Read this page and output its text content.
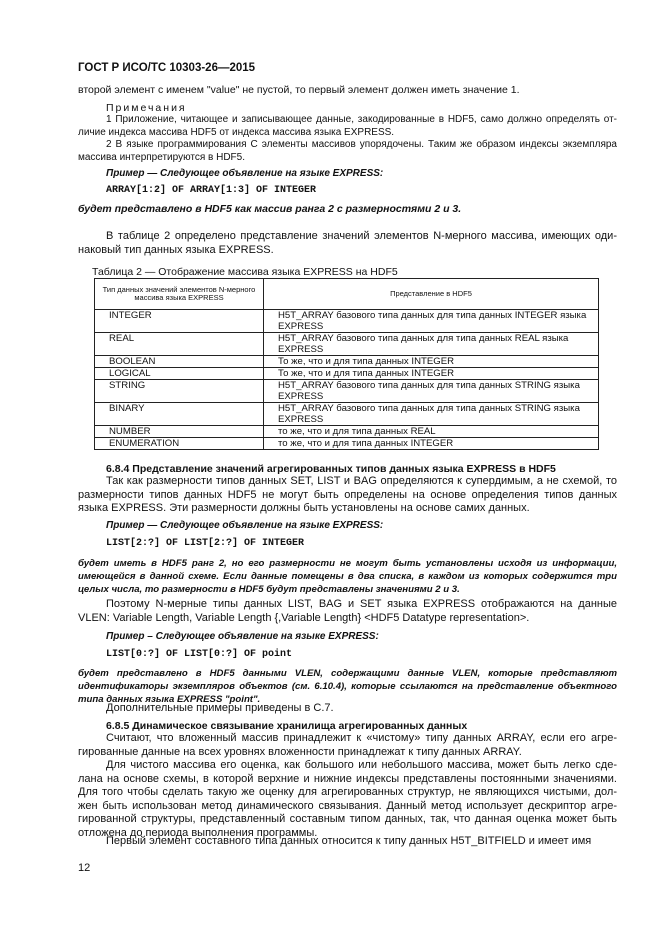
ГОСТ Р ИСО/ТС 10303-26—2015
второй элемент с именем "value" не пустой, то первый элемент должен иметь значение 1.
Примечания
1 Приложение, читающее и записывающее данные, закодированные в HDF5, само должно определять отличие индекса массива HDF5 от индекса массива языка EXPRESS.
2 В языке программирования С элементы массивов упорядочены. Таким же образом индексы экземпляра массива интерпретируются в HDF5.
Пример — Следующее объявление на языке EXPRESS:
ARRAY[1:2] OF ARRAY[1:3] OF INTEGER
будет представлено в HDF5 как массив ранга 2 с размерностями 2 и 3.
В таблице 2 определено представление значений элементов N-мерного массива, имеющих одинаковый тип данных языка EXPRESS.
Таблица 2 — Отображение массива языка EXPRESS на HDF5
Тип данных значений элементов N-мерного массива языка EXPRESS	Представление в HDF5
INTEGER	H5T_ARRAY базового типа данных для типа данных INTEGER языка EXPRESS
REAL	H5T_ARRAY базового типа данных для типа данных REAL языка EXPRESS
BOOLEAN	То же, что и для типа данных INTEGER
LOGICAL	То же, что и для типа данных INTEGER
STRING	H5T_ARRAY базового типа данных для типа данных STRING языка EXPRESS
BINARY	H5T_ARRAY базового типа данных для типа данных STRING языка EXPRESS
NUMBER	то же, что и для типа данных REAL
ENUMERATION	то же, что и для типа данных INTEGER
6.8.4 Представление значений агрегированных типов данных языка EXPRESS в HDF5
Так как размерности типов данных SET, LIST и BAG определяются к супердимым, а не схемой, то размерности типов данных HDF5 не могут быть определены на основе определения типов данных языка EXPRESS. Эти размерности должны быть установлены на основе самих данных.
Пример — Следующее объявление на языке EXPRESS:
LIST[2:?] OF LIST[2:?] OF INTEGER
будет иметь в HDF5 ранг 2, но его размерности не могут быть установлены исходя из информации, имеющейся в данной схеме. Если данные помещены в два списка, в каждом из которых содержится три целых числа, то размерности в HDF5 будут представлены значениями 2 и 3.
Поэтому N-мерные типы данных LIST, BAG и SET языка EXPRESS отображаются на данные VLEN: Variable Length, Variable Length {,Variable Length} <HDF5 Datatype representation>.
Пример – Следующее объявление на языке EXPRESS:
LIST[0:?] OF LIST[0:?] OF point
будет представлено в HDF5 данными VLEN, содержащими данные VLEN, которые представляют идентификаторы экземпляров объектов (см. 6.10.4), которые ссылаются на представление объектного типа данных языка EXPRESS "point".
Дополнительные примеры приведены в С.7.
6.8.5 Динамическое связывание хранилища агрегированных данных
Считают, что вложенный массив принадлежит к «чистому» типу данных ARRAY, если его агрегированные данные на всех уровнях вложенности принадлежат к типу данных ARRAY.
Для чистого массива его оценка, как большого или небольшого массива, может быть легко сделана на основе схемы, в которой верхние и нижние индексы представлены постоянными значениями. Для того чтобы сделать такую же оценку для агрегированных структур, не являющихся чистыми, должен быть использован метод динамического связывания. Данный метод использует дескриптор агрегированной структуры, представленный составным типом данных, так, что данная оценка может быть отложена до периода выполнения программы.
Первый элемент составного типа данных относится к типу данных H5T_BITFIELD и имеет имя
12
